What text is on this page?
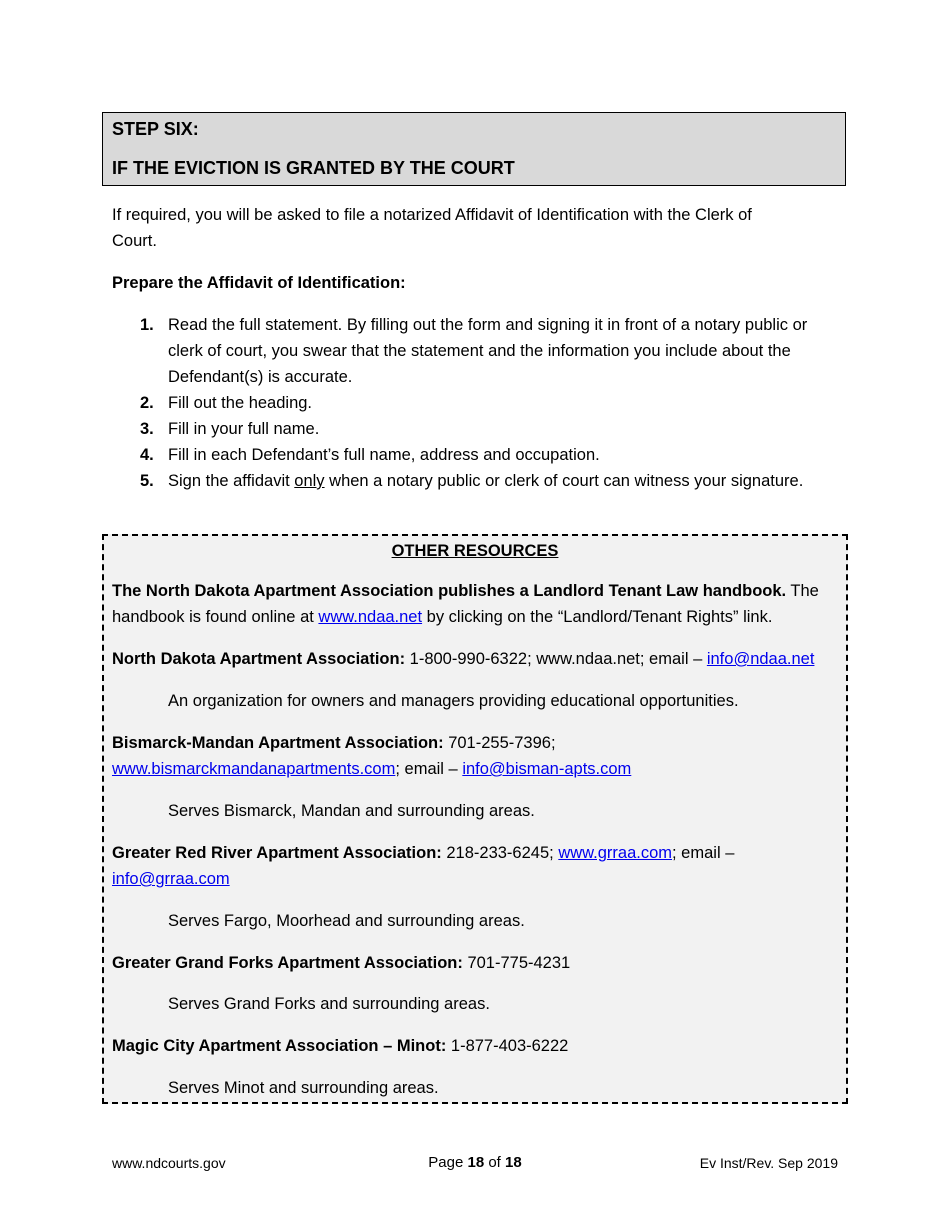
STEP SIX:
IF THE EVICTION IS GRANTED BY THE COURT
If required, you will be asked to file a notarized Affidavit of Identification with the Clerk of
Court.
Prepare the Affidavit of Identification:
1. Read the full statement. By filling out the form and signing it in front of a notary public or clerk of court, you swear that the statement and the information you include about the Defendant(s) is accurate.
2. Fill out the heading.
3. Fill in your full name.
4. Fill in each Defendant’s full name, address and occupation.
5. Sign the affidavit only when a notary public or clerk of court can witness your signature.
OTHER RESOURCES
The North Dakota Apartment Association publishes a Landlord Tenant Law handbook. The
handbook is found online at www.ndaa.net by clicking on the “Landlord/Tenant Rights” link.
North Dakota Apartment Association: 1-800-990-6322; www.ndaa.net; email – info@ndaa.net
An organization for owners and managers providing educational opportunities.
Bismarck-Mandan Apartment Association: 701-255-7396;
www.bismarckmandanapartments.com; email – info@bisman-apts.com
Serves Bismarck, Mandan and surrounding areas.
Greater Red River Apartment Association: 218-233-6245; www.grraa.com; email –
info@grraa.com
Serves Fargo, Moorhead and surrounding areas.
Greater Grand Forks Apartment Association: 701-775-4231
Serves Grand Forks and surrounding areas.
Magic City Apartment Association – Minot: 1-877-403-6222
Serves Minot and surrounding areas.
www.ndcourts.gov	Page 18 of 18	Ev Inst/Rev. Sep 2019
